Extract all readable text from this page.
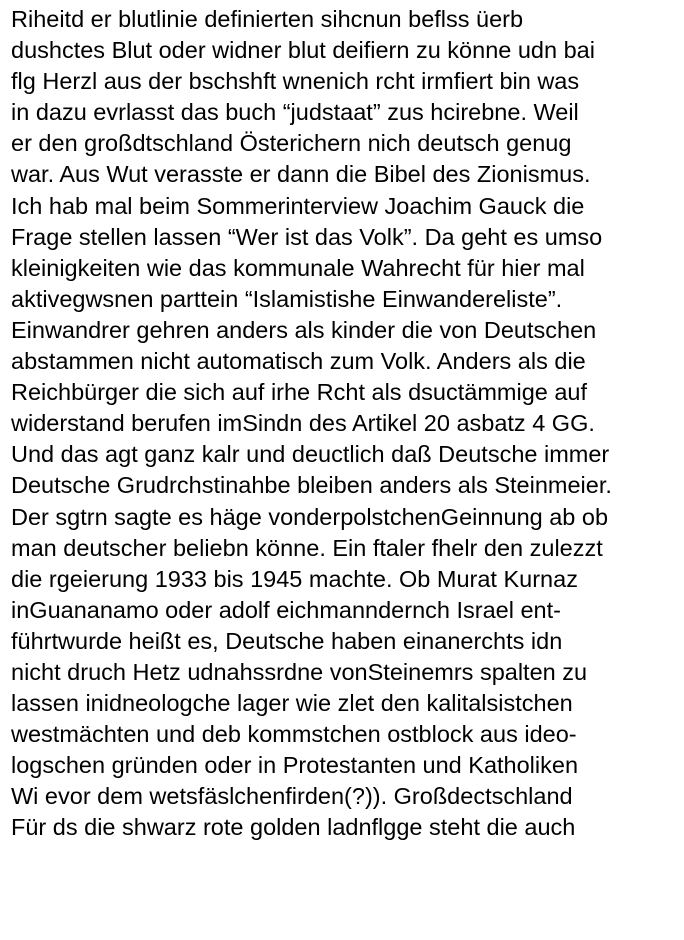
Riheitd er blutlinie definierten sihcnun beflss üerb
dushctes Blut oder widner blut deifiern zu könne udn bai
flg Herzl aus der bschshft wnenich rcht irmfiert bin was
in dazu evrlasst das buch “judstaat” zus hcirebne. Weil
er den großdtschland Österichern nich deutsch genug
war. Aus Wut verasste er dann die Bibel des Zionismus.
Ich hab mal beim Sommerinterview Joachim Gauck die
Frage stellen lassen “Wer ist das Volk”. Da geht es umso
kleinigkeiten wie das kommunale Wahrecht für hier mal
aktivegwsnen parttein “Islamistishe Einwandereliste”.
Einwandrer gehren anders als kinder die von Deutschen
abstammen nicht automatisch zum Volk. Anders als die
Reichbürger die sich auf irhe Rcht als dsuctämmige auf
widerstand berufen imSindn des Artikel 20 asbatz 4 GG.
Und das agt ganz kalr und deuctlich daß Deutsche immer
Deutsche Grudrchstinahbe bleiben anders als Steinmeier.
Der sgtrn sagte es häge vonderpolstchenGeinnung ab ob
man deutscher beliebn könne. Ein ftaler fhelr den zulezzt
die rgeierung 1933 bis 1945 machte. Ob Murat Kurnaz
inGuananamo oder adolf eichmanndernch Israel ent-
führtwurde heißt es, Deutsche haben einanerchts idn
nicht druch Hetz udnahssrdne vonSteinemrs spalten zu
lassen inidneologche lager wie zlet den kalitalsistchen
westmächten und deb kommstchen ostblock aus ideo-
logschen gründen oder in Protestanten und Katholiken
Wi evor dem wetsfäslchenfirden(?)). Großdectschland
Für ds die shwarz rote golden ladnflgge steht die auch
